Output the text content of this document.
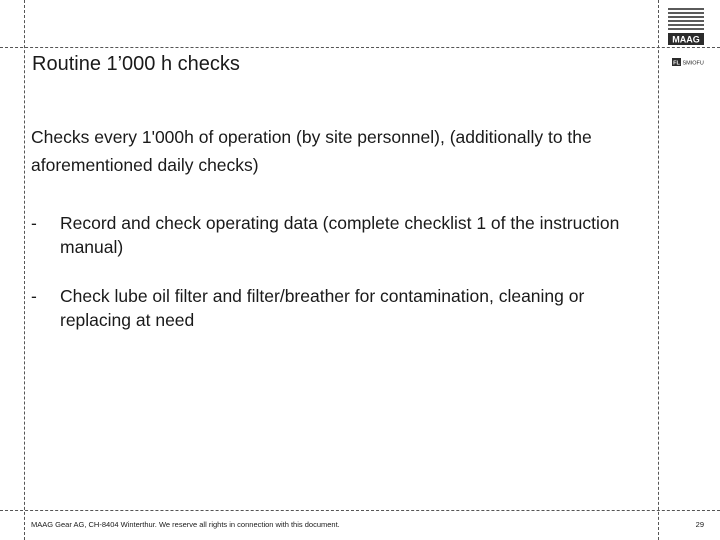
MAAG
FL SMIOFU
Routine 1’000 h checks
Checks every 1'000h of operation (by site personnel), (additionally to the aforementioned daily checks)
- Record and check operating data (complete checklist 1 of the instruction manual)
- Check lube oil filter and filter/breather for contamination, cleaning or replacing at need
MAAG Gear AG, CH-8404 Winterthur. We reserve all rights in connection with this document.	29
